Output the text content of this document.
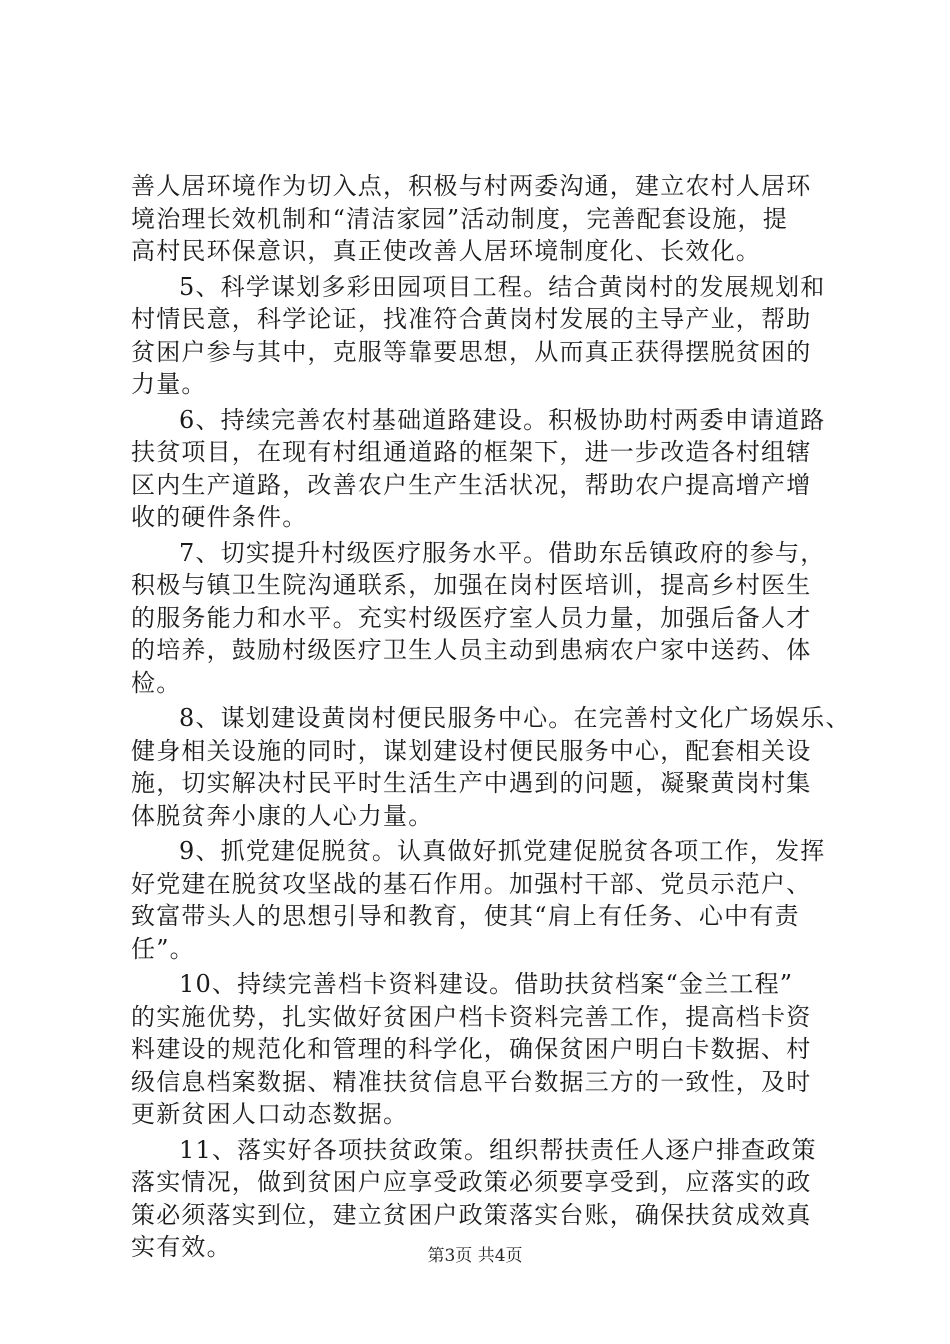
善人居环境作为切入点，积极与村两委沟通，建立农村人居环
境治理长效机制和“清洁家园”活动制度，完善配套设施，提
高村民环保意识，真正使改善人居环境制度化、长效化。
5、科学谋划多彩田园项目工程。结合黄岗村的发展规划和
村情民意，科学论证，找准符合黄岗村发展的主导产业，帮助
贫困户参与其中，克服等靠要思想，从而真正获得摆脱贫困的
力量。
6、持续完善农村基础道路建设。积极协助村两委申请道路
扶贫项目，在现有村组通道路的框架下，进一步改造各村组辖
区内生产道路，改善农户生产生活状况，帮助农户提高增产增
收的硬件条件。
7、切实提升村级医疗服务水平。借助东岳镇政府的参与，
积极与镇卫生院沟通联系，加强在岗村医培训，提高乡村医生
的服务能力和水平。充实村级医疗室人员力量，加强后备人才
的培养，鼓励村级医疗卫生人员主动到患病农户家中送药、体
检。
8、谋划建设黄岗村便民服务中心。在完善村文化广场娱乐、
健身相关设施的同时，谋划建设村便民服务中心，配套相关设
施，切实解决村民平时生活生产中遇到的问题，凝聚黄岗村集
体脱贫奔小康的人心力量。
9、抓党建促脱贫。认真做好抓党建促脱贫各项工作，发挥
好党建在脱贫攻坚战的基石作用。加强村干部、党员示范户、
致富带头人的思想引导和教育，使其“肩上有任务、心中有责
任”。
10、持续完善档卡资料建设。借助扶贫档案“金兰工程”
的实施优势，扎实做好贫困户档卡资料完善工作，提高档卡资
料建设的规范化和管理的科学化，确保贫困户明白卡数据、村
级信息档案数据、精准扶贫信息平台数据三方的一致性，及时
更新贫困人口动态数据。
11、落实好各项扶贫政策。组织帮扶责任人逐户排查政策
落实情况，做到贫困户应享受政策必须要享受到，应落实的政
策必须落实到位，建立贫困户政策落实台账，确保扶贫成效真
实有效。	第3页 共4页
